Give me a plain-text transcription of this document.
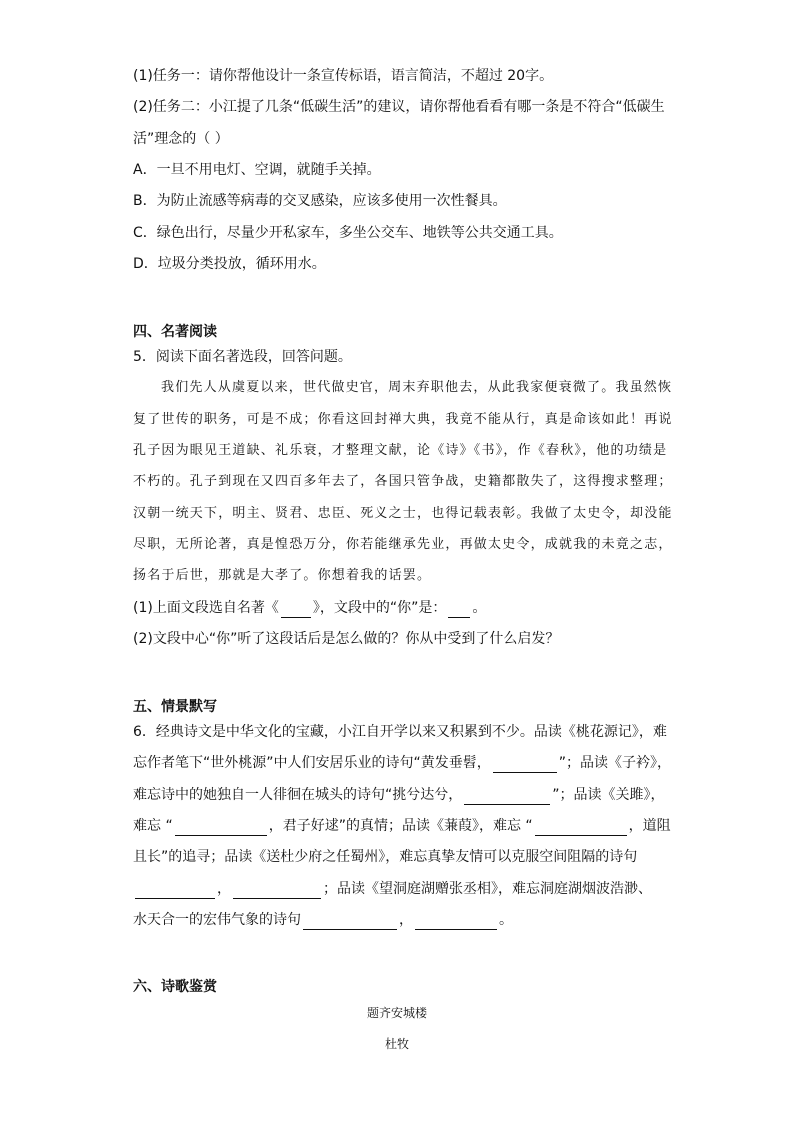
(1)任务一：请你帮他设计一条宣传标语，语言简洁，不超过 20字。
(2)任务二：小江提了几条“低碳生活”的建议，请你帮他看看有哪一条是不符合“低碳生
活”理念的（ ）
A．一旦不用电灯、空调，就随手关掉。
B．为防止流感等病毒的交叉感染，应该多使用一次性餐具。
C．绿色出行，尽量少开私家车，多坐公交车、地铁等公共交通工具。
D．垃圾分类投放，循环用水。
四、名著阅读
5．阅读下面名著选段，回答问题。
我们先人从虞夏以来，世代做史官，周末弃职他去，从此我家便衰微了。我虽然恢
复了世传的职务，可是不成；你看这回封禅大典，我竟不能从行，真是命该如此！再说
孔子因为眼见王道缺、礼乐衰，才整理文献，论《诗》《书》，作《春秋》，他的功绩是
不朽的。孔子到现在又四百多年去了，各国只管争战，史籍都散失了，这得搜求整理；
汉朝一统天下，明主、贤君、忠臣、死义之士，也得记载表彰。我做了太史令，却没能
尽职，无所论著，真是惶恐万分，你若能继承先业，再做太史令，成就我的未竟之志，
扬名于后世，那就是大孝了。你想着我的话罢。
(1)上面文段选自名著《 》，文段中的“你”是： 。
(2)文段中心“你”听了这段话后是怎么做的？你从中受到了什么启发？
五、情景默写
6．经典诗文是中华文化的宝藏，小江自开学以来又积累到不少。品读《桃花源记》，难
忘作者笔下“世外桃源”中人们安居乐业的诗句“黄发垂髫，	”；品读《子衿》，
难忘诗中的她独自一人徘徊在城头的诗句“挑兮达兮，	”；品读《关雎》，
难忘 “	，君子好逑”的真情；品读《蒹葭》，难忘 “	，道阻
且长”的追寻；品读《送杜少府之任蜀州》，难忘真挚友情可以克服空间阻隔的诗句
，	；品读《望洞庭湖赠张丞相》，难忘洞庭湖烟波浩渺、
水天合一的宏伟气象的诗句	，	。
六、诗歌鉴赏
题齐安城楼
杜牧
